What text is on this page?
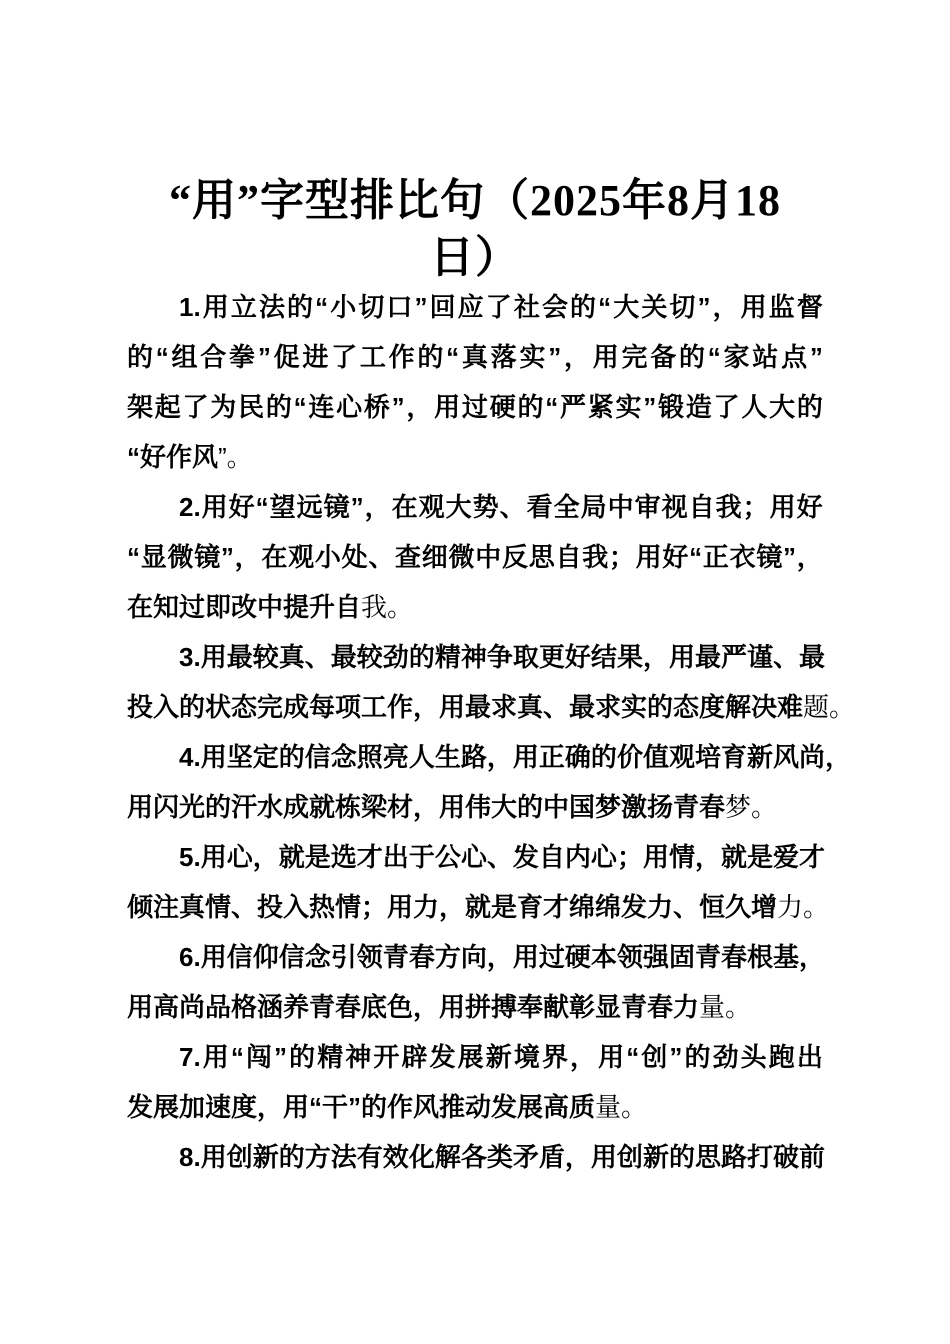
“用”字型排比句（2025年8月18
日）
1. 用 立 法 的 “ 小 切 口 ” 回 应 了 社 会 的 “ 大 关 切 ” ， 用 监 督
的 “ 组 合 拳 ” 促 进 了 工 作 的 “ 真 落 实 ” ， 用 完 备 的 “ 家 站 点 ”
架 起 了 为 民 的 “ 连 心 桥 ” ， 用 过 硬 的 “ 严 紧 实 ” 锻 造 了 人 大 的
“好作风”。
2. 用 好 “ 望 远 镜 ” ， 在 观 大 势 、 看 全 局 中 审 视 自 我 ； 用 好
“ 显 微 镜 ” ， 在 观 小 处 、 查 细 微 中 反 思 自 我 ； 用 好 “ 正 衣 镜 ” ，
在知过即改中提升自我。
3. 用 最 较 真 、 最 较 劲 的 精 神 争 取 更 好 结 果 ， 用 最 严 谨 、 最
投入的状态完成每项工作，用最求真、最求实的态度解决难题。
4. 用 坚 定 的 信 念 照 亮 人 生 路 ， 用 正 确 的 价 值 观 培 育 新 风 尚 ，
用闪光的汗水成就栋梁材，用伟大的中国梦激扬青春梦。
5. 用 心 ， 就 是 选 才 出 于 公 心 、 发 自 内 心 ； 用 情 ， 就 是 爱 才
倾注真情、投入热情；用力，就是育才绵绵发力、恒久增力。
6. 用 信 仰 信 念 引 领 青 春 方 向 ， 用 过 硬 本 领 强 固 青 春 根 基 ，
用高尚品格涵养青春底色，用拼搏奉献彰显青春力量。
7. 用 “ 闯 ” 的 精 神 开 辟 发 展 新 境 界 ， 用 “ 创 ” 的 劲 头 跑 出
发展加速度，用“干”的作风推动发展高质量。
8. 用 创 新 的 方 法 有 效 化 解 各 类 矛 盾 ， 用 创 新 的 思 路 打 破 前
